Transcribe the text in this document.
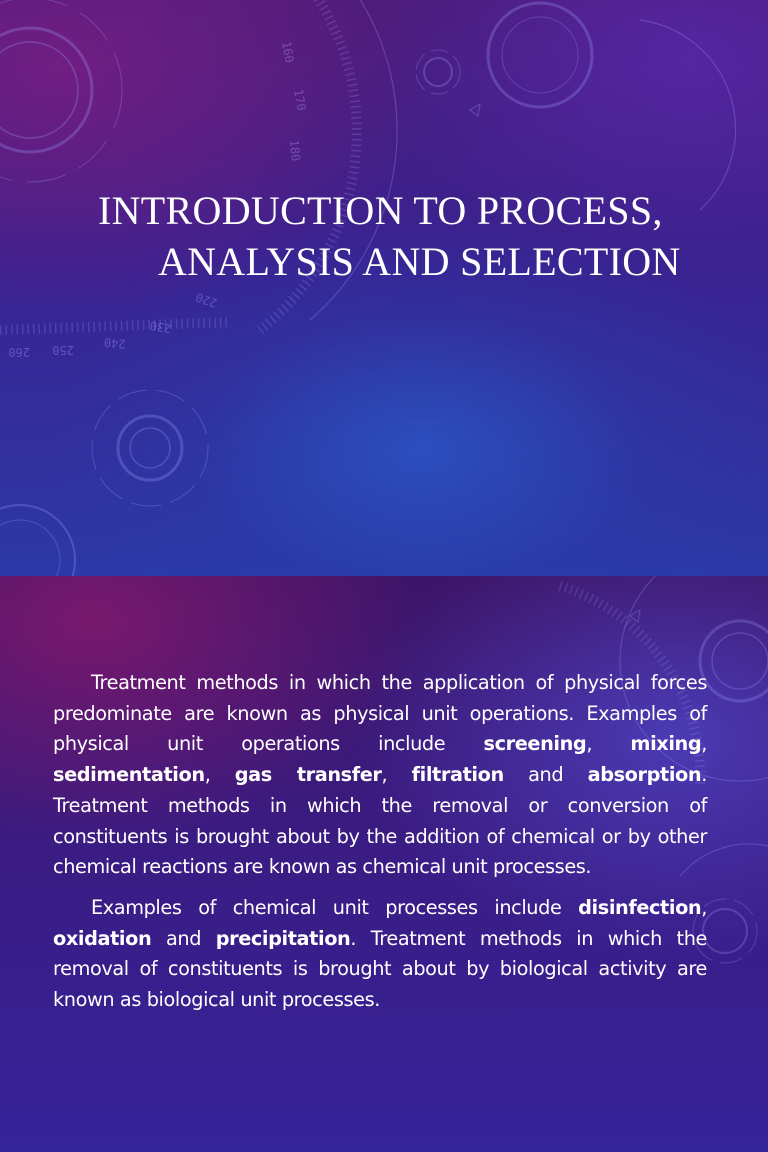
160
170
180
220
230
240
250
260
INTRODUCTION TO PROCESS,
ANALYSIS AND SELECTION

Treatment methods in which the application of physical forces predominate are known as physical unit operations. Examples of physical unit operations include screening, mixing, sedimentation, gas transfer, filtration and absorption. Treatment methods in which the removal or conversion of constituents is brought about by the addition of chemical or by other chemical reactions are known as chemical unit processes.

Examples of chemical unit processes include disinfection, oxidation and precipitation. Treatment methods in which the removal of constituents is brought about by biological activity are known as biological unit processes.
